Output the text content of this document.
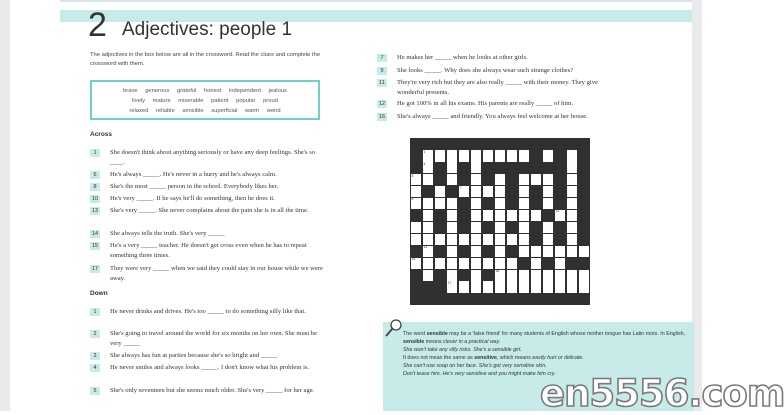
2 Adjectives: people 1
The adjectives in the box below are all in the crossword. Read the clues and complete the crossword with them.
brave generous grateful honest independent jealous
lively mature miserable patient popular proud
relaxed reliable sensible superficial warm weird
Across
1	She doesn't think about anything seriously or have any deep feelings. She's so ____.
6	He's always _____. He's never in a hurry and he's always calm.
8	She's the most _____ person in the school. Everybody likes her.
10 He's very _____. If he says he'll do something, then he does it.
13 She's very _____. She never complains about the pain she is in all the time.
14 She always tells the truth. She's very _____
15 He's a very _____ teacher. He doesn't get cross even when he has to repeat something three times.
17 They were very _____ when we said they could stay in our house while we were away.
Down
1	He never drinks and drives. He's too _____ to do something silly like that.
2	She's going to travel around the world for six months on her own. She must be very _____
3	She always has fun at parties because she's so bright and _____
4	He never smiles and always looks _____. I don't know what his problem is.
5	She's only seventeen but she seems much older. She's very _____ for her age.
7	He makes her _____ when he looks at other girls.
9	She looks _____. Why does she always wear such strange clothes?
11	They're very rich but they are also really _____ with their money. They give wonderful presents.
12 He got 100% in all his exams. His parents are really _____ of him.
16 She's always _____ and friendly. You always feel welcome at her house.
1	2	3
4
5
6	7
8	9
10	11
12
13
14	15
16
17

The word sensible may be a 'false friend' for many students of English whose mother tongue has Latin roots. In English, sensible means clever in a practical way.

She won't take any silly risks. She's a sensible girl.

It does not mean the same as sensitive, which means easily hurt or delicate.

She can't use soap on her face. She's got very sensitive skin.

Don't tease him. He's very sensitive and you might make him cry.

en5556.com
